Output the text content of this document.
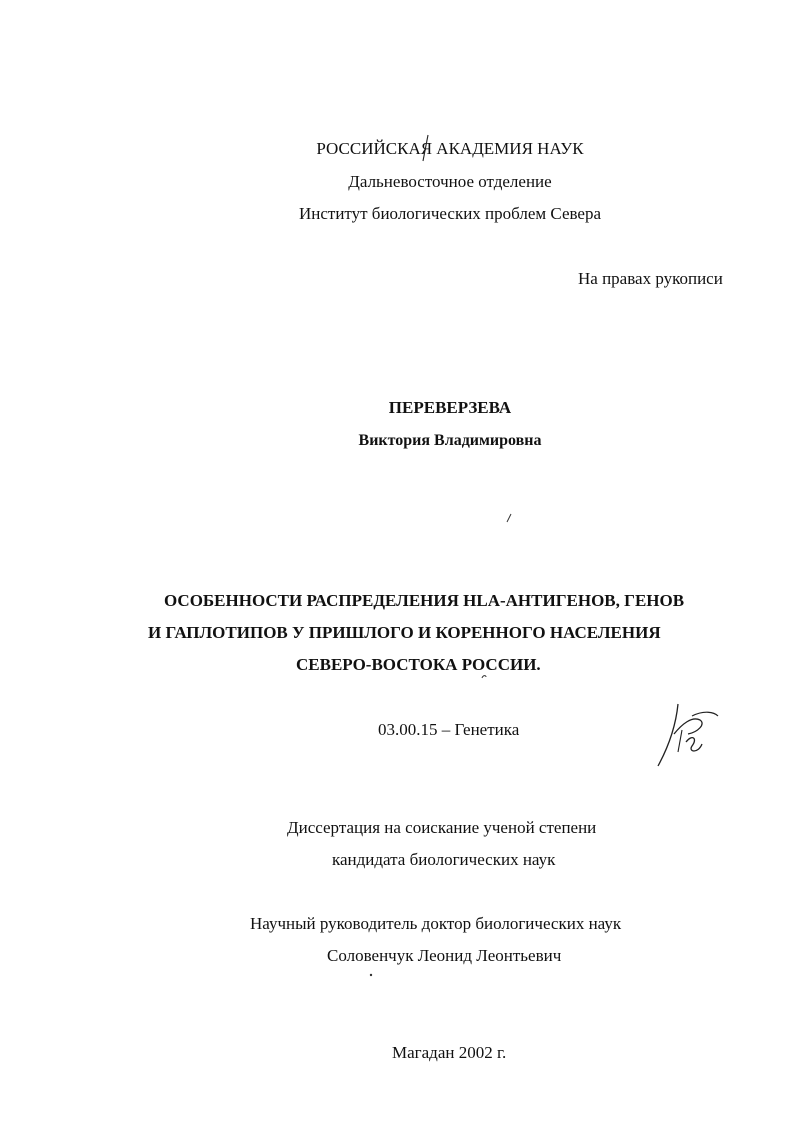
РОССИЙСКАЯ АКАДЕМИЯ НАУК
Дальневосточное отделение
Институт биологических проблем Севера
На правах рукописи
ПЕРЕВЕРЗЕВА
Виктория Владимировна
ОСОБЕННОСТИ РАСПРЕДЕЛЕНИЯ HLA-АНТИГЕНОВ, ГЕНОВ
И ГАПЛОТИПОВ У ПРИШЛОГО И КОРЕННОГО НАСЕЛЕНИЯ
СЕВЕРО-ВОСТОКА РОССИИ.
03.00.15 – Генетика
Диссертация на соискание ученой степени
кандидата биологических наук
Научный руководитель доктор биологических наук
Соловенчук Леонид Леонтьевич
Магадан 2002 г.
